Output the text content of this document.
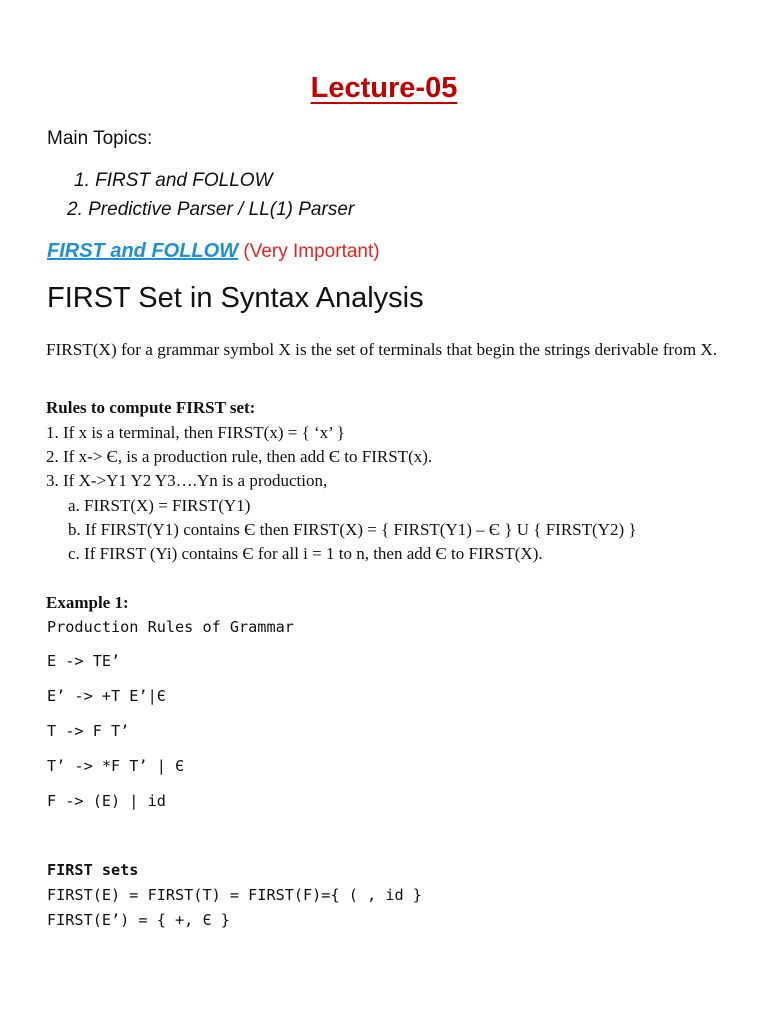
Lecture-05
Main Topics:
1. FIRST and FOLLOW
2. Predictive Parser / LL(1) Parser
FIRST and FOLLOW (Very Important)
FIRST Set in Syntax Analysis
FIRST(X) for a grammar symbol X is the set of terminals that begin the strings derivable from X.
Rules to compute FIRST set:
1. If x is a terminal, then FIRST(x) = { ‘x’ }
2. If x-> Є, is a production rule, then add Є to FIRST(x).
3. If X->Y1 Y2 Y3….Yn is a production,
a. FIRST(X) = FIRST(Y1)
b. If FIRST(Y1) contains Є then FIRST(X) = { FIRST(Y1) – Є } U { FIRST(Y2) }
c. If FIRST (Yi) contains Є for all i = 1 to n, then add Є to FIRST(X).
Example 1:
Production Rules of Grammar
E -> TE’
E’ -> +T E’|Є
T -> F T’
T’ -> *F T’ | Є
F -> (E) | id
FIRST sets
FIRST(E) = FIRST(T) = FIRST(F)={ ( , id }
FIRST(E’) = { +, Є }
